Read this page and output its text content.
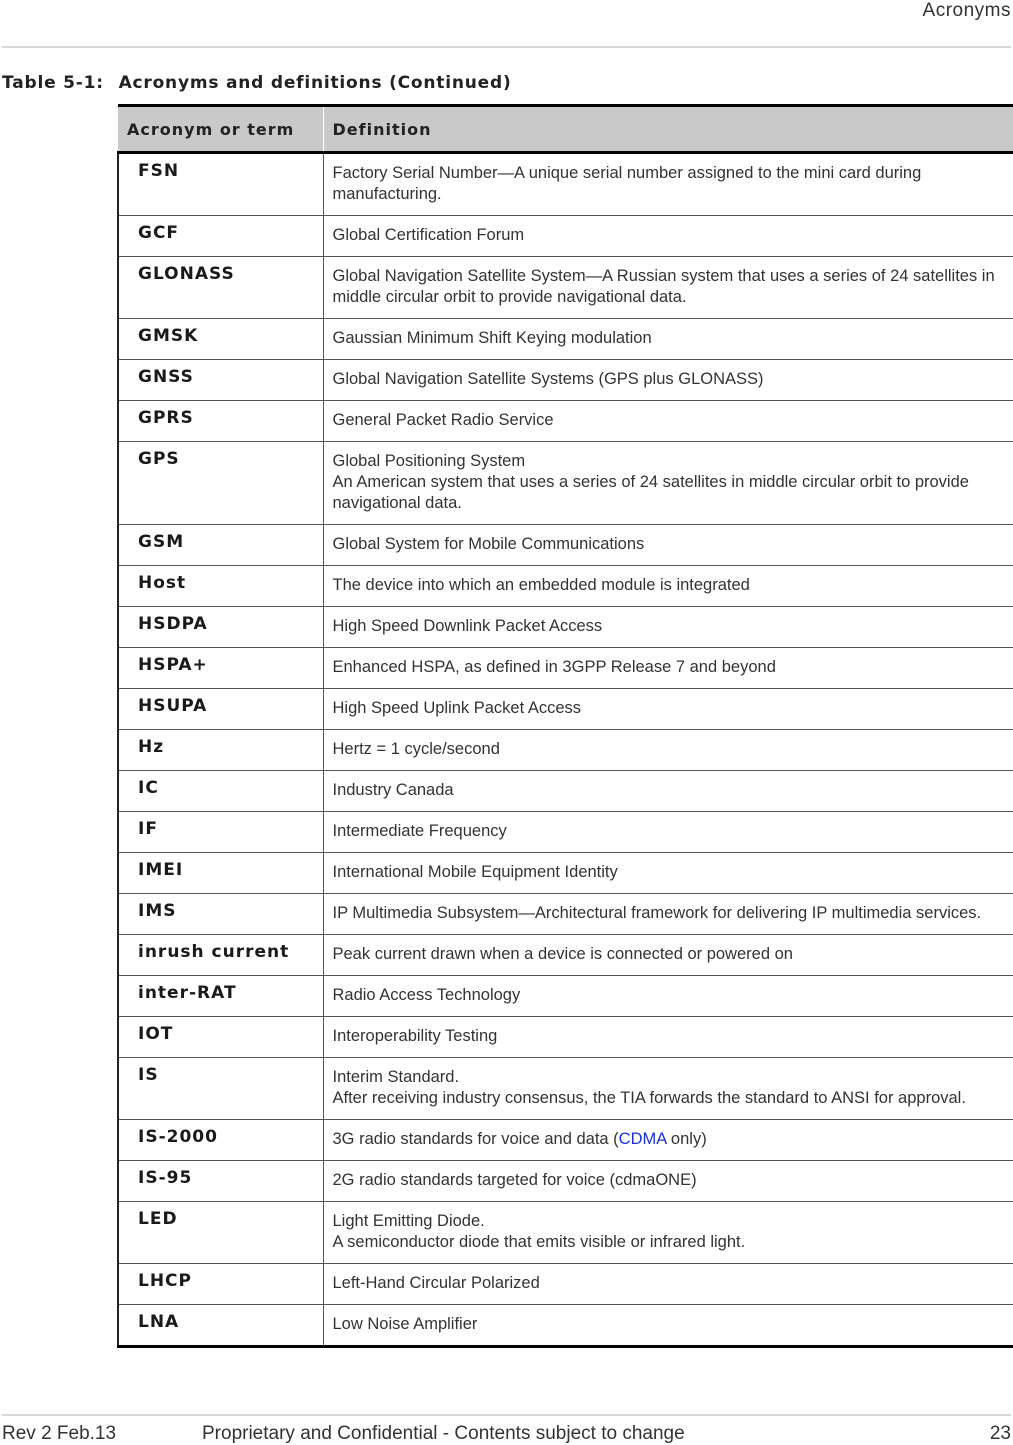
Acronyms
Table 5-1: Acronyms and definitions (Continued)
Acronym or term	Definition
FSN	Factory Serial Number—A unique serial number assigned to the mini card during manufacturing.

GCF	Global Certification Forum

GLONASS	Global Navigation Satellite System—A Russian system that uses a series of 24 satellites in middle circular orbit to provide navigational data.

GMSK	Gaussian Minimum Shift Keying modulation

GNSS	Global Navigation Satellite Systems (GPS plus GLONASS)

GPRS	General Packet Radio Service

GPS	Global Positioning System
An American system that uses a series of 24 satellites in middle circular orbit to provide navigational data.

GSM	Global System for Mobile Communications

Host	The device into which an embedded module is integrated

HSDPA	High Speed Downlink Packet Access

HSPA+	Enhanced HSPA, as defined in 3GPP Release 7 and beyond

HSUPA	High Speed Uplink Packet Access

Hz	Hertz = 1 cycle/second

IC	Industry Canada

IF	Intermediate Frequency

IMEI	International Mobile Equipment Identity

IMS	IP Multimedia Subsystem—Architectural framework for delivering IP multimedia services.

inrush current	Peak current drawn when a device is connected or powered on

inter-RAT	Radio Access Technology

IOT	Interoperability Testing

IS	Interim Standard.
After receiving industry consensus, the TIA forwards the standard to ANSI for approval.

IS-2000	3G radio standards for voice and data (CDMA only)
IS-95	2G radio standards targeted for voice (cdmaONE)

LED	Light Emitting Diode.
A semiconductor diode that emits visible or infrared light.

LHCP	Left-Hand Circular Polarized

LNA	Low Noise Amplifier
Rev 2 Feb.13	Proprietary and Confidential - Contents subject to change	23
